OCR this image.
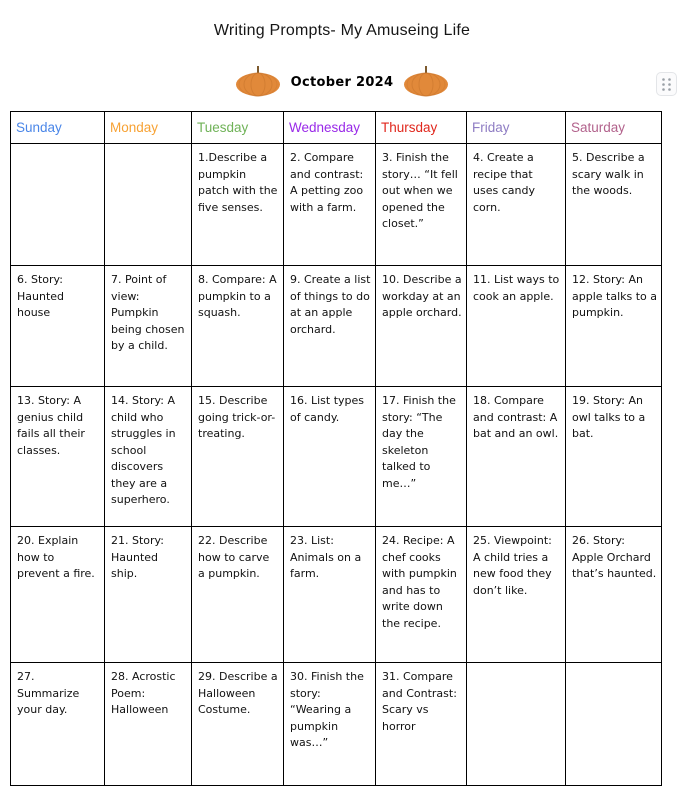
Writing Prompts- My Amuseing Life
October 2024
Sunday	Monday	Tuesday	Wednesday	Thursday	Friday	Saturday
		1.Describe a pumpkin patch with the five senses.	2. Compare and contrast: A petting zoo with a farm.	3. Finish the story… “It fell out when we opened the closet.”	4. Create a recipe that uses candy corn.	5. Describe a scary walk in the woods.
6. Story: Haunted house	7. Point of view: Pumpkin being chosen by a child.	8. Compare: A pumpkin to a squash.	9. Create a list of things to do at an apple orchard.	10. Describe a workday at an apple orchard.	11. List ways to cook an apple.	12. Story: An apple talks to a pumpkin.
13. Story: A genius child fails all their classes.	14. Story: A child who struggles in school discovers they are a superhero.	15. Describe going trick-or-treating.	16. List types of candy.	17. Finish the story: “The day the skeleton talked to me…”	18. Compare and contrast: A bat and an owl.	19. Story: An owl talks to a bat.
20. Explain how to prevent a fire.	21. Story: Haunted ship.	22. Describe how to carve a pumpkin.	23. List: Animals on a farm.	24. Recipe: A chef cooks with pumpkin and has to write down the recipe.	25. Viewpoint: A child tries a new food they don’t like.	26. Story: Apple Orchard that’s haunted.
27. Summarize your day.	28. Acrostic Poem: Halloween	29. Describe a Halloween Costume.	30. Finish the story: “Wearing a pumpkin was…”	31. Compare and Contrast: Scary vs horror		
